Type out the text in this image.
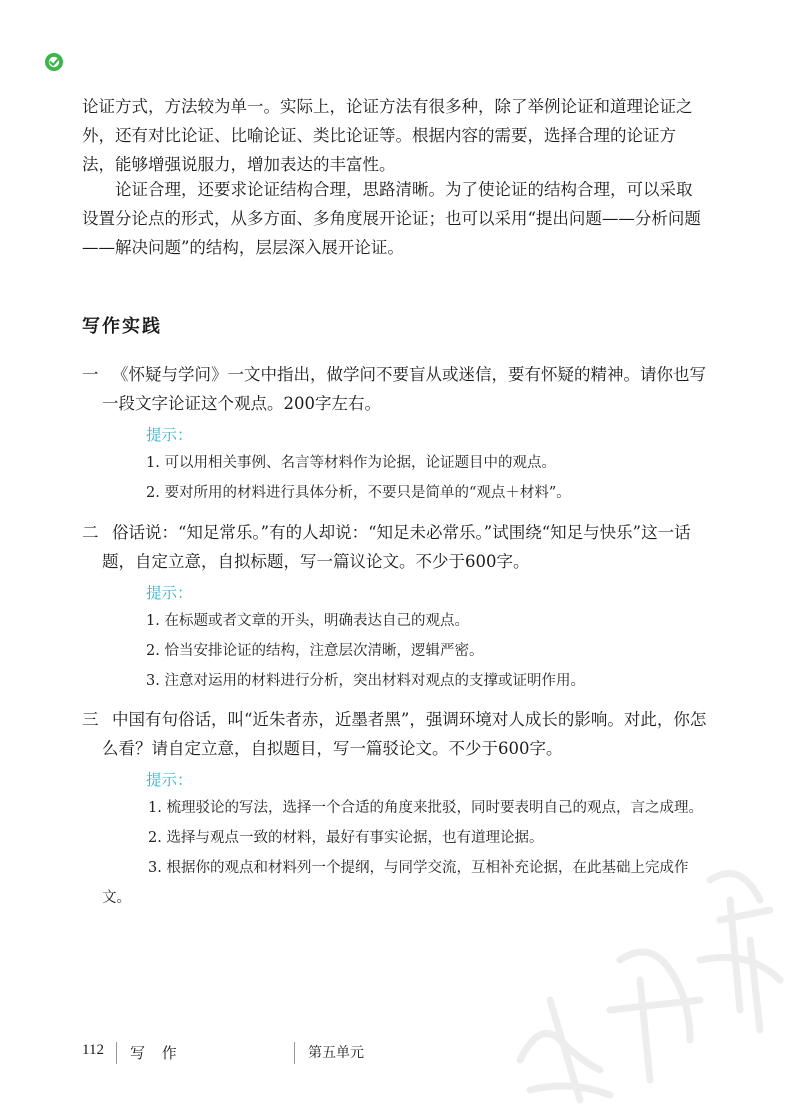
论证方式，方法较为单一。实际上，论证方法有很多种，除了举例论证和道理论证之外，还有对比论证、比喻论证、类比论证等。根据内容的需要，选择合理的论证方法，能够增强说服力，增加表达的丰富性。

论证合理，还要求论证结构合理，思路清晰。为了使论证的结构合理，可以采取设置分论点的形式，从多方面、多角度展开论证；也可以采用“提出问题——分析问题——解决问题”的结构，层层深入展开论证。

写作实践
一 《怀疑与学问》一文中指出，做学问不要盲从或迷信，要有怀疑的精神。请你也写一段文字论证这个观点。200字左右。
提示：

1. 可以用相关事例、名言等材料作为论据，论证题目中的观点。

2. 要对所用的材料进行具体分析，不要只是简单的“观点＋材料”。

二 俗话说：“知足常乐。”有的人却说：“知足未必常乐。”试围绕“知足与快乐”这一话题，自定立意，自拟标题，写一篇议论文。不少于600字。
提示：

1. 在标题或者文章的开头，明确表达自己的观点。

2. 恰当安排论证的结构，注意层次清晰，逻辑严密。

3. 注意对运用的材料进行分析，突出材料对观点的支撑或证明作用。

三 中国有句俗话，叫“近朱者赤，近墨者黑”，强调环境对人成长的影响。对此，你怎么看？请自定立意，自拟题目，写一篇驳论文。不少于600字。
提示：

1. 梳理驳论的写法，选择一个合适的角度来批驳，同时要表明自己的观点，言之成理。

2. 选择与观点一致的材料，最好有事实论据，也有道理论据。

3. 根据你的观点和材料列一个提纲，与同学交流，互相补充论据，在此基础上完成作文。

112 写 作	第五单元
